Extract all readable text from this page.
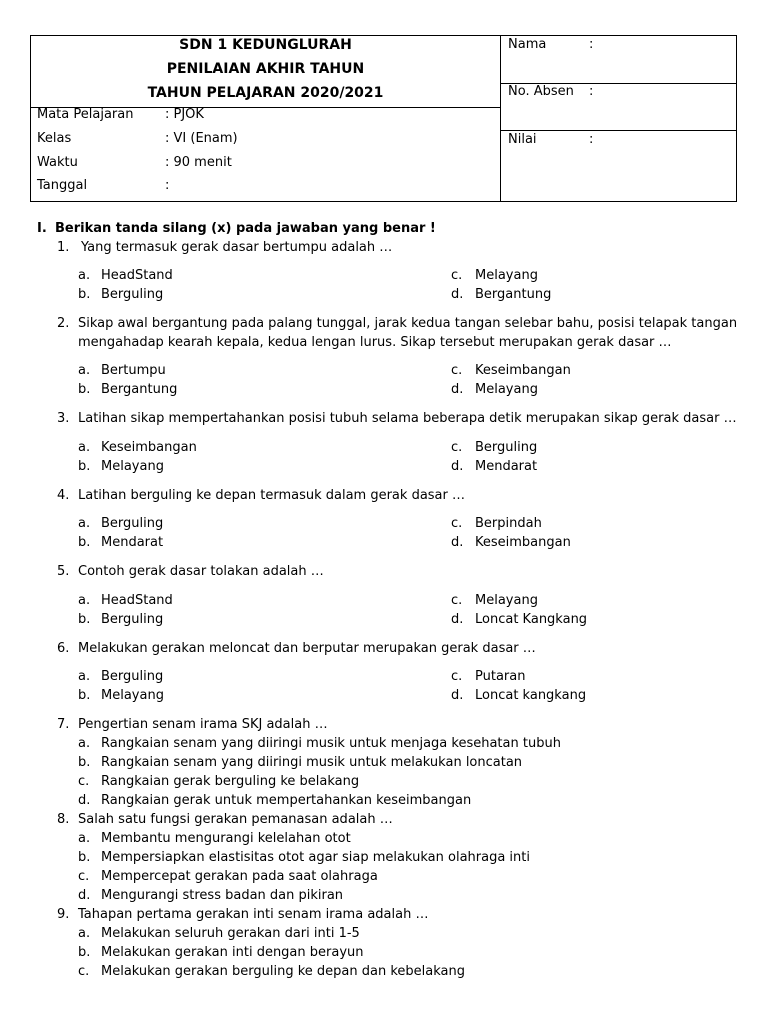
SDN 1 KEDUNGLURAH
PENILAIAN AKHIR TAHUN
TAHUN PELAJARAN 2020/2021
Mata Pelajaran : PJOK
Kelas	: VI (Enam)
Waktu	: 90 menit
Tanggal	:
Nama	:
No. Absen :
Nilai	:
I. Berikan tanda silang (x) pada jawaban yang benar !
1. Yang termasuk gerak dasar bertumpu adalah …
a. HeadStand
b. Berguling
c. Melayang
d. Bergantung
2. Sikap awal bergantung pada palang tunggal, jarak kedua tangan selebar bahu, posisi telapak tangan
mengahadap kearah kepala, kedua lengan lurus. Sikap tersebut merupakan gerak dasar …
a. Bertumpu
b. Bergantung
c. Keseimbangan
d. Melayang
3. Latihan sikap mempertahankan posisi tubuh selama beberapa detik merupakan sikap gerak dasar …
a. Keseimbangan
b. Melayang
c. Berguling
d. Mendarat
4. Latihan berguling ke depan termasuk dalam gerak dasar …
a. Berguling
b. Mendarat
c. Berpindah
d. Keseimbangan
5. Contoh gerak dasar tolakan adalah …
a. HeadStand
b. Berguling
c. Melayang
d. Loncat Kangkang
6. Melakukan gerakan meloncat dan berputar merupakan gerak dasar …
a. Berguling
b. Melayang
c. Putaran
d. Loncat kangkang
7. Pengertian senam irama SKJ adalah …
a. Rangkaian senam yang diiringi musik untuk menjaga kesehatan tubuh
b. Rangkaian senam yang diiringi musik untuk melakukan loncatan
c. Rangkaian gerak berguling ke belakang
d. Rangkaian gerak untuk mempertahankan keseimbangan
8. Salah satu fungsi gerakan pemanasan adalah …
a. Membantu mengurangi kelelahan otot
b. Mempersiapkan elastisitas otot agar siap melakukan olahraga inti
c. Mempercepat gerakan pada saat olahraga
d. Mengurangi stress badan dan pikiran
9. Tahapan pertama gerakan inti senam irama adalah …
a. Melakukan seluruh gerakan dari inti 1-5
b. Melakukan gerakan inti dengan berayun
c. Melakukan gerakan berguling ke depan dan kebelakang
